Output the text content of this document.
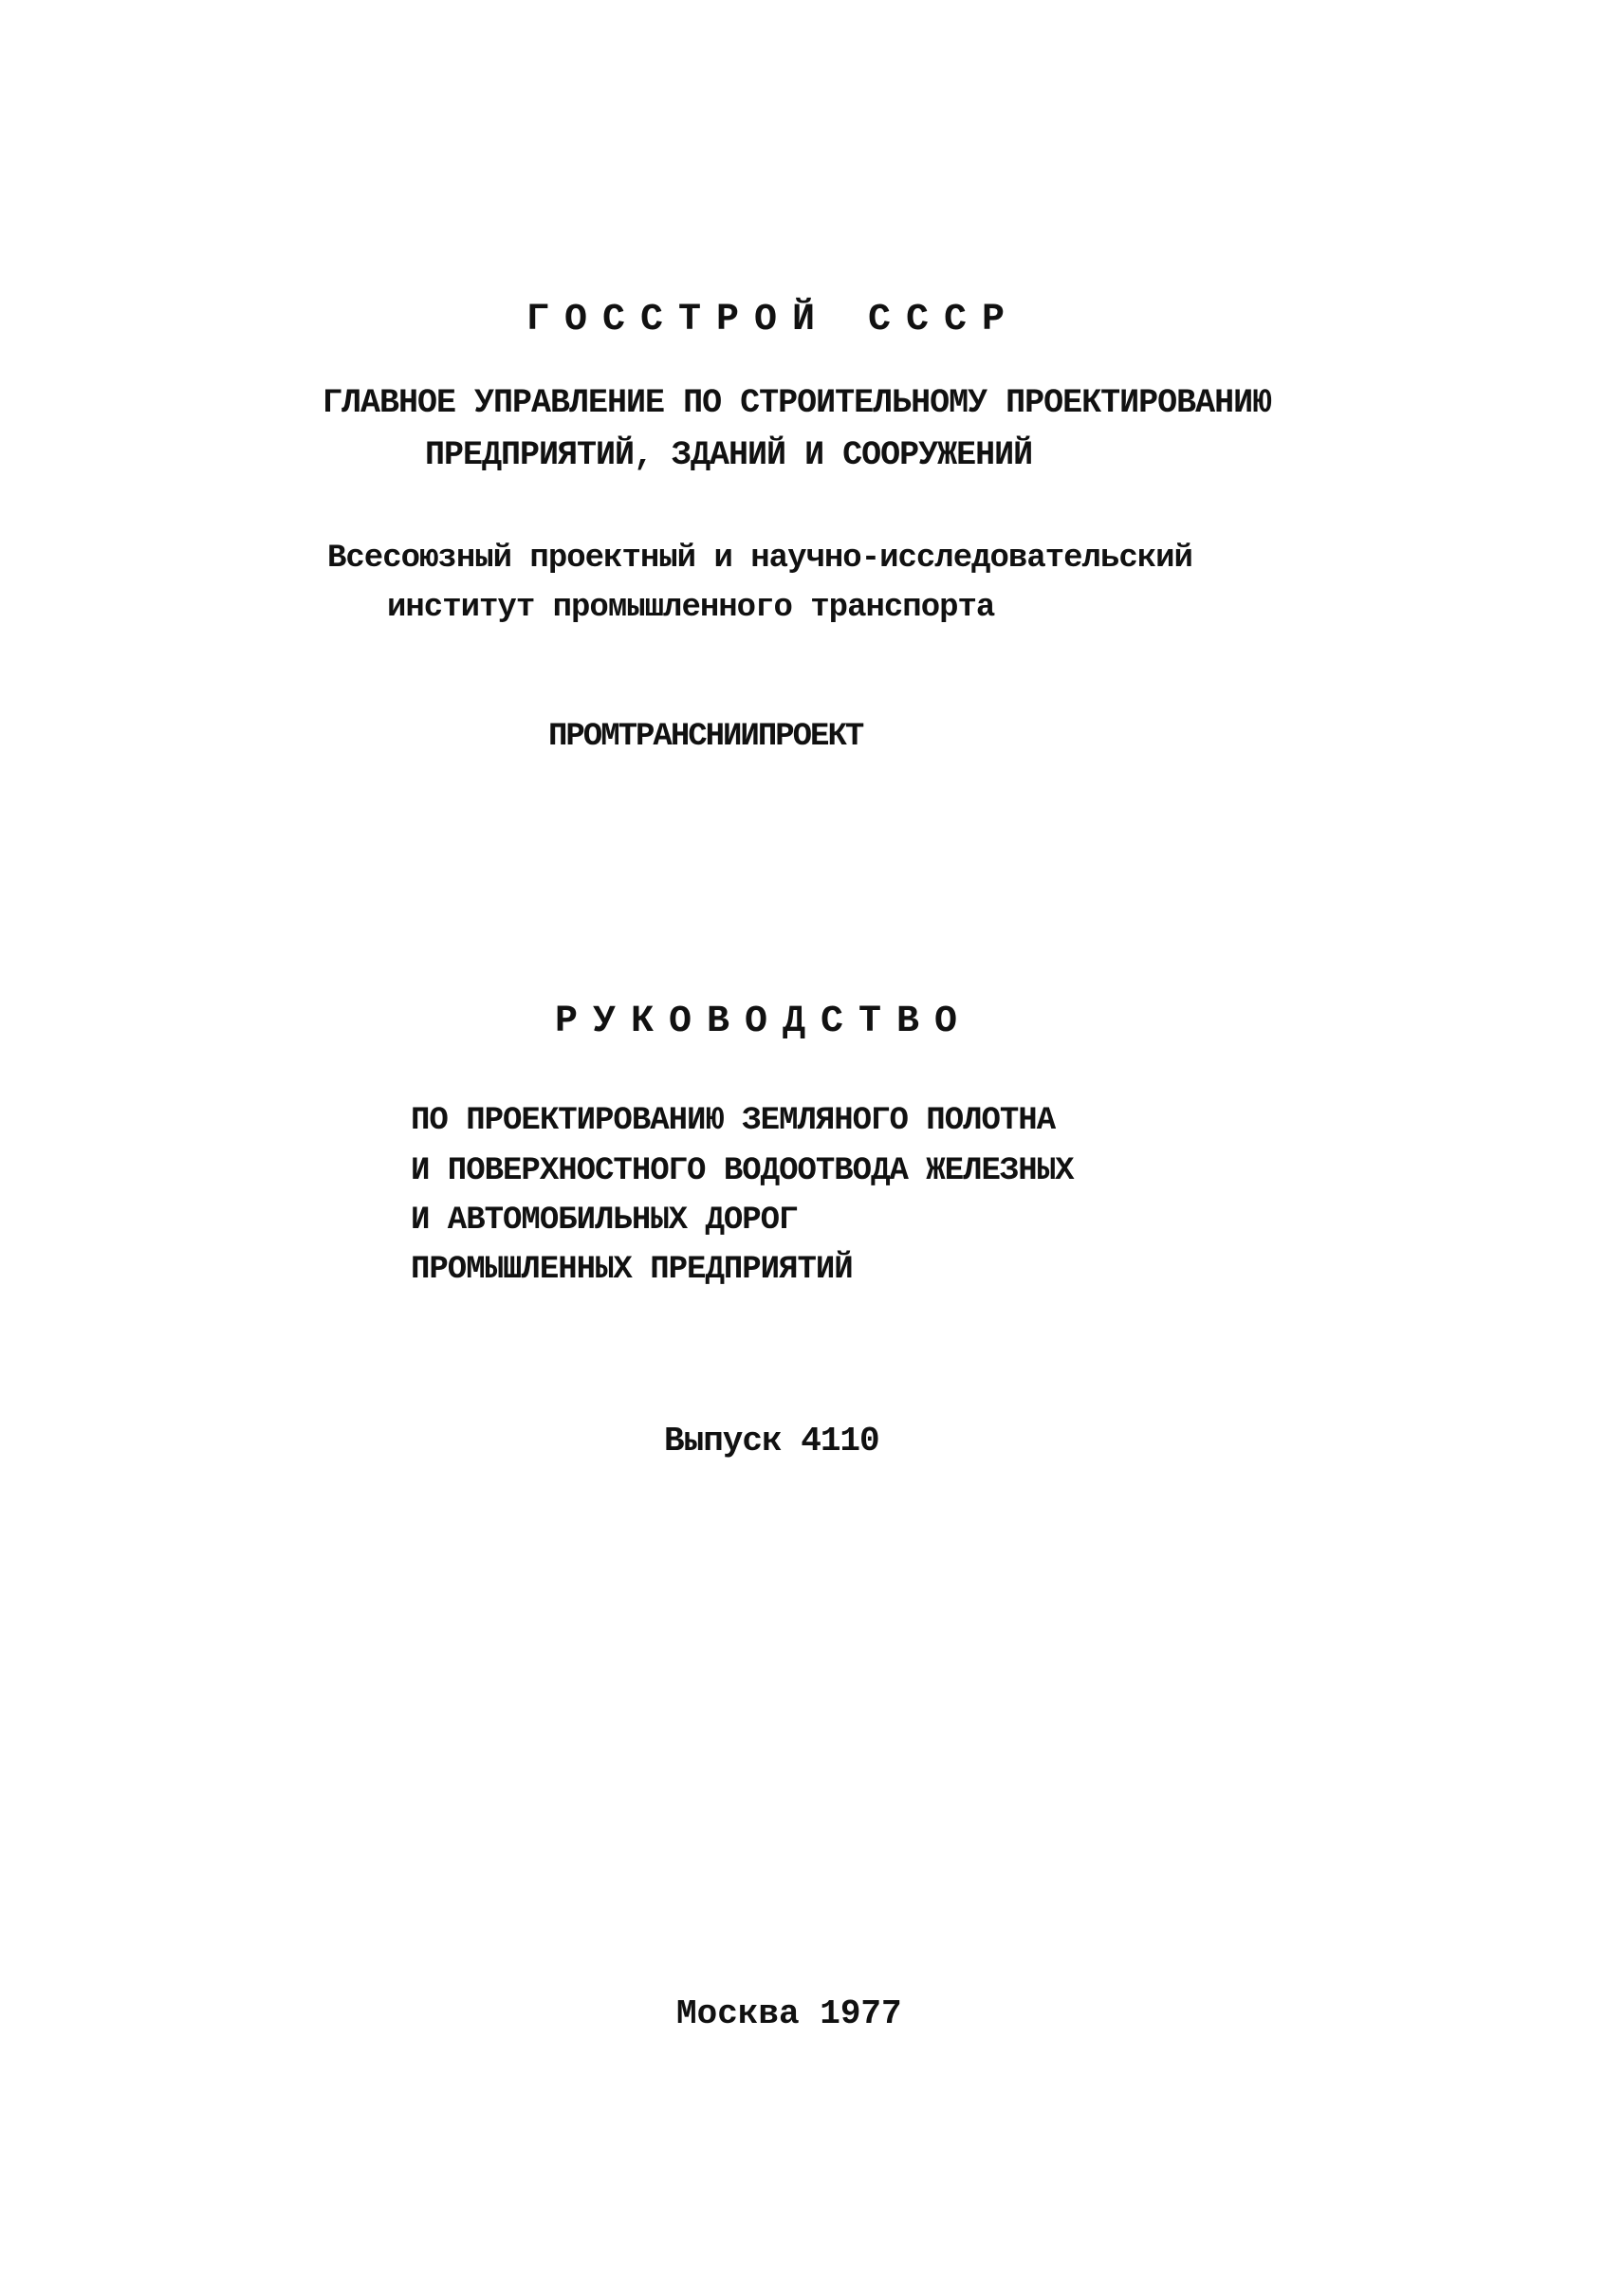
ГОССТРОЙ СССР
ГЛАВНОЕ УПРАВЛЕНИЕ ПО СТРОИТЕЛЬНОМУ ПРОЕКТИРОВАНИЮ
ПРЕДПРИЯТИЙ, ЗДАНИЙ И СООРУЖЕНИЙ
Всесоюзный проектный и научно-исследовательский
институт промышленного транспорта
ПРОМТРАНСНИИПРОЕКТ
РУКОВОДСТВО
ПО ПРОЕКТИРОВАНИЮ ЗЕМЛЯНОГО ПОЛОТНА
И ПОВЕРХНОСТНОГО ВОДООТВОДА ЖЕЛЕЗНЫХ
И АВТОМОБИЛЬНЫХ ДОРОГ
ПРОМЫШЛЕННЫХ ПРЕДПРИЯТИЙ
Выпуск 4110
Москва 1977
